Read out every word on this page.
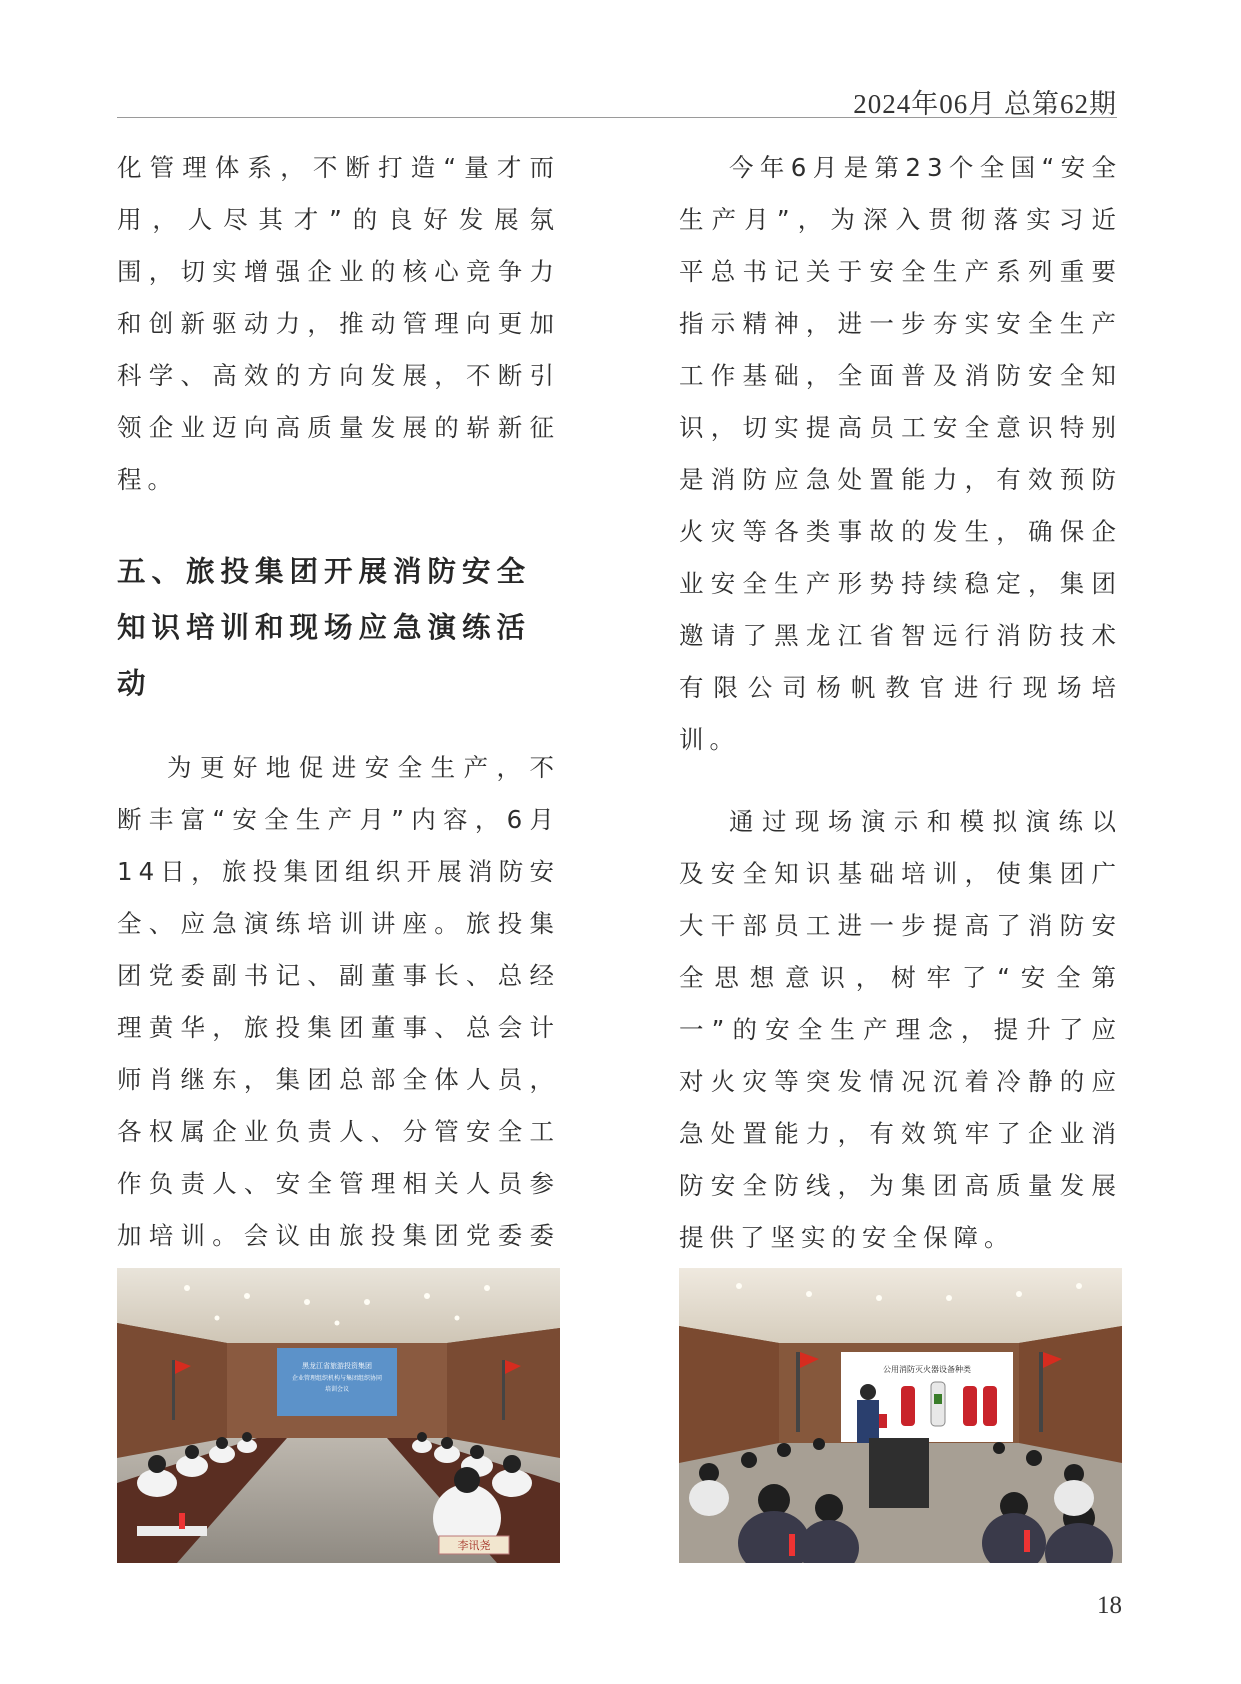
2024年06月 总第62期

化管理体系，不断打造“量才而用，人尽其才”的良好发展氛围，切实增强企业的核心竞争力和创新驱动力，推动管理向更加科学、高效的方向发展，不断引领企业迈向高质量发展的崭新征程。

五、旅投集团开展消防安全知识培训和现场应急演练活动

为更好地促进安全生产，不断丰富“安全生产月”内容，6月14日，旅投集团组织开展消防安全、应急演练培训讲座。旅投集团党委副书记、副董事长、总经理黄华，旅投集团董事、总会计师肖继东，集团总部全体人员，各权属企业负责人、分管安全工作负责人、安全管理相关人员参加培训。会议由旅投集团党委委

今年6月是第23个全国“安全生产月”，为深入贯彻落实习近平总书记关于安全生产系列重要指示精神，进一步夯实安全生产工作基础，全面普及消防安全知识，切实提高员工安全意识特别是消防应急处置能力，有效预防火灾等各类事故的发生，确保企业安全生产形势持续稳定，集团邀请了黑龙江省智远行消防技术有限公司杨帆教官进行现场培训。

通过现场演示和模拟演练以及安全知识基础培训，使集团广大干部员工进一步提高了消防安全思想意识，树牢了“安全第一”的安全生产理念，提升了应对火灾等突发情况沉着冷静的应急处置能力，有效筑牢了企业消防安全防线，为集团高质量发展提供了坚实的安全保障。

黑龙江省旅游投资集团
企业管理组织机构与集团组织协同
培训会议
李讯尧
公用消防灭火器设备种类
18
